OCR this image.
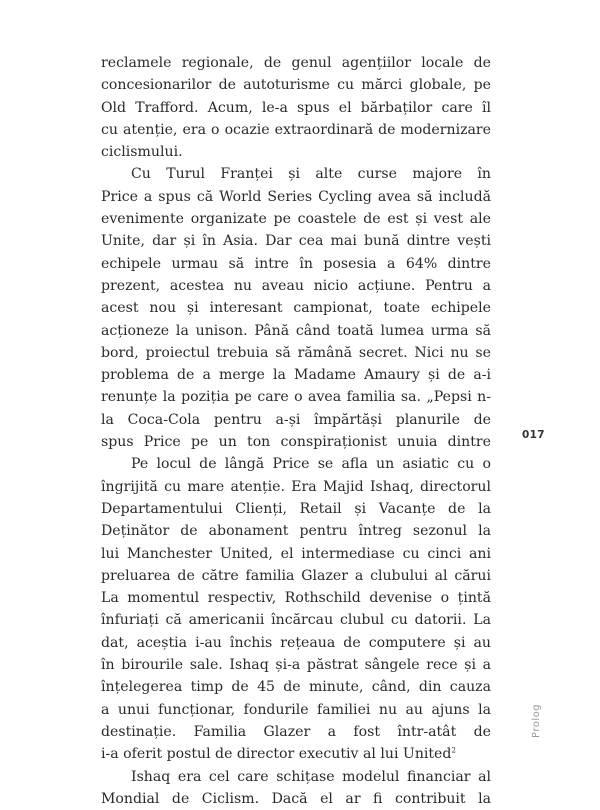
reclamele regionale, de genul agențiilor locale de
concesionarilor de autoturisme cu mărci globale, pe
Old Trafford. Acum, le-a spus el bărbaților care îl
cu atenție, era o ocazie extraordinară de modernizare
ciclismului.
Cu Turul Franței și alte curse majore în
Price a spus că World Series Cycling avea să includă
evenimente organizate pe coastele de est și vest ale
Unite, dar și în Asia. Dar cea mai bună dintre vești
echipele urmau să intre în posesia a 64% dintre
prezent, acestea nu aveau nicio acțiune. Pentru a
acest nou și interesant campionat, toate echipele
acționeze la unison. Până când toată lumea urma să
bord, proiectul trebuia să rămână secret. Nici nu se
problema de a merge la Madame Amaury și de a-i
renunțe la poziția pe care o avea familia sa. „Pepsi n-
la Coca-Cola pentru a-și împărtăși planurile de
spus Price pe un ton conspiraționist unuia dintre
Pe locul de lângă Price se afla un asiatic cu o
îngrijită cu mare atenție. Era Majid Ishaq, directorul
Departamentului Clienți, Retail și Vacanțe de la
Deținător de abonament pentru întreg sezonul la
lui Manchester United, el intermediase cu cinci ani
preluarea de către familia Glazer a clubului al cărui
La momentul respectiv, Rothschild devenise o țintă
înfuriați că americanii încărcau clubul cu datorii. La
dat, aceștia i-au închis rețeaua de computere și au
în birourile sale. Ishaq și-a păstrat sângele rece și a
înțelegerea timp de 45 de minute, când, din cauza
a unui funcționar, fondurile familiei nu au ajuns la
destinație. Familia Glazer a fost într-atât de
i-a oferit postul de director executiv al lui United$^2$
Ishaq era cel care schițase modelul financiar al
Mondial de Ciclism. Dacă el ar fi contribuit la
017
Prolog
